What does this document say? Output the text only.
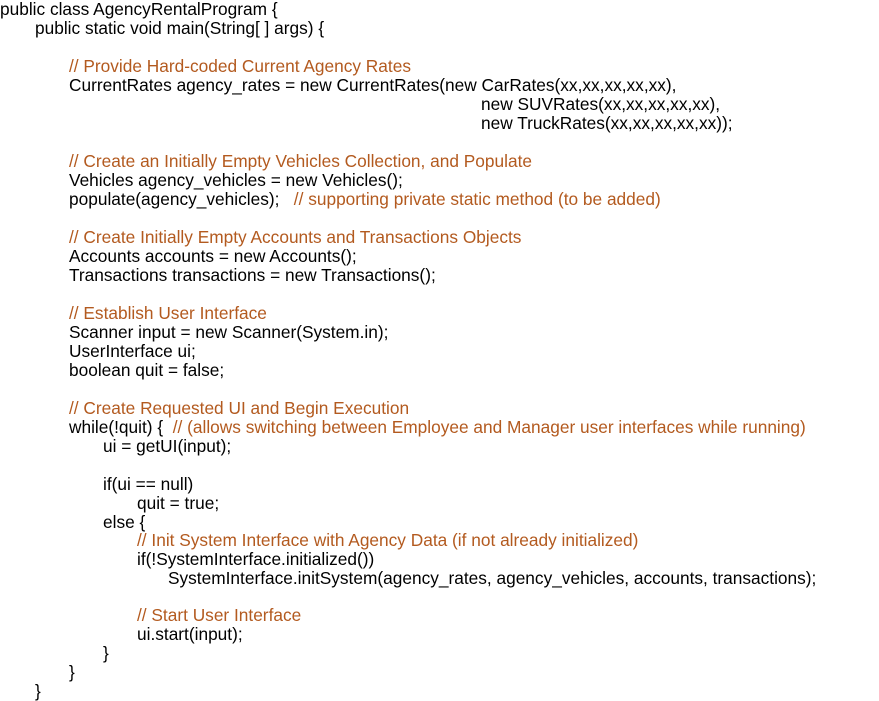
public class AgencyRentalProgram {
public static void main(String[ ] args) {
// Provide Hard-coded Current Agency Rates
CurrentRates agency_rates = new CurrentRates(new CarRates(xx,xx,xx,xx,xx),
new SUVRates(xx,xx,xx,xx,xx),
new TruckRates(xx,xx,xx,xx,xx));
// Create an Initially Empty Vehicles Collection, and Populate
Vehicles agency_vehicles = new Vehicles();
populate(agency_vehicles);   // supporting private static method (to be added)
// Create Initially Empty Accounts and Transactions Objects
Accounts accounts = new Accounts();
Transactions transactions = new Transactions();
// Establish User Interface
Scanner input = new Scanner(System.in);
UserInterface ui;
boolean quit = false;
// Create Requested UI and Begin Execution
while(!quit) {  // (allows switching between Employee and Manager user interfaces while running)
ui = getUI(input);
if(ui == null)
quit = true;
else {
// Init System Interface with Agency Data (if not already initialized)
if(!SystemInterface.initialized())
SystemInterface.initSystem(agency_rates, agency_vehicles, accounts, transactions);
// Start User Interface
ui.start(input);
}
}
}
